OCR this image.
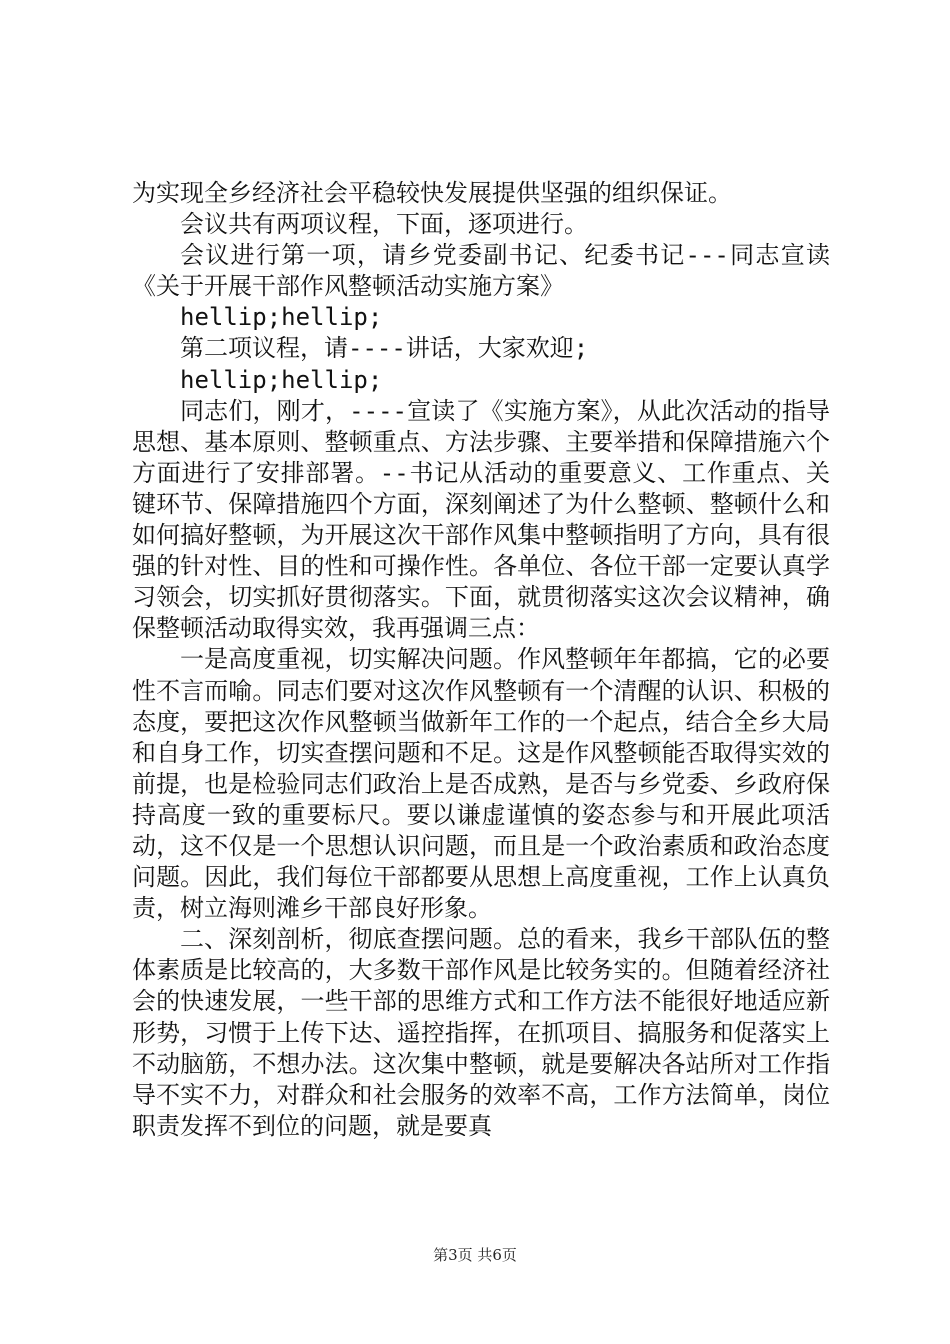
为实现全乡经济社会平稳较快发展提供坚强的组织保证。

会议共有两项议程，下面，逐项进行。

会议进行第一项，请乡党委副书记、纪委书记---同志宣读《关于开展干部作风整顿活动实施方案》

hellip;hellip;

第二项议程，请----讲话，大家欢迎;

hellip;hellip;

同志们，刚才，----宣读了《实施方案》，从此次活动的指导思想、基本原则、整顿重点、方法步骤、主要举措和保障措施六个方面进行了安排部署。--书记从活动的重要意义、工作重点、关键环节、保障措施四个方面，深刻阐述了为什么整顿、整顿什么和如何搞好整顿，为开展这次干部作风集中整顿指明了方向，具有很强的针对性、目的性和可操作性。各单位、各位干部一定要认真学习领会，切实抓好贯彻落实。下面，就贯彻落实这次会议精神，确保整顿活动取得实效，我再强调三点：

一是高度重视，切实解决问题。作风整顿年年都搞，它的必要性不言而喻。同志们要对这次作风整顿有一个清醒的认识、积极的态度，要把这次作风整顿当做新年工作的一个起点，结合全乡大局和自身工作，切实查摆问题和不足。这是作风整顿能否取得实效的前提，也是检验同志们政治上是否成熟，是否与乡党委、乡政府保持高度一致的重要标尺。要以谦虚谨慎的姿态参与和开展此项活动，这不仅是一个思想认识问题，而且是一个政治素质和政治态度问题。因此，我们每位干部都要从思想上高度重视，工作上认真负责，树立海则滩乡干部良好形象。

二、深刻剖析，彻底查摆问题。总的看来，我乡干部队伍的整体素质是比较高的，大多数干部作风是比较务实的。但随着经济社会的快速发展，一些干部的思维方式和工作方法不能很好地适应新形势，习惯于上传下达、遥控指挥，在抓项目、搞服务和促落实上不动脑筋，不想办法。这次集中整顿，就是要解决各站所对工作指导不实不力，对群众和社会服务的效率不高，工作方法简单，岗位职责发挥不到位的问题，就是要真

第3页 共6页
